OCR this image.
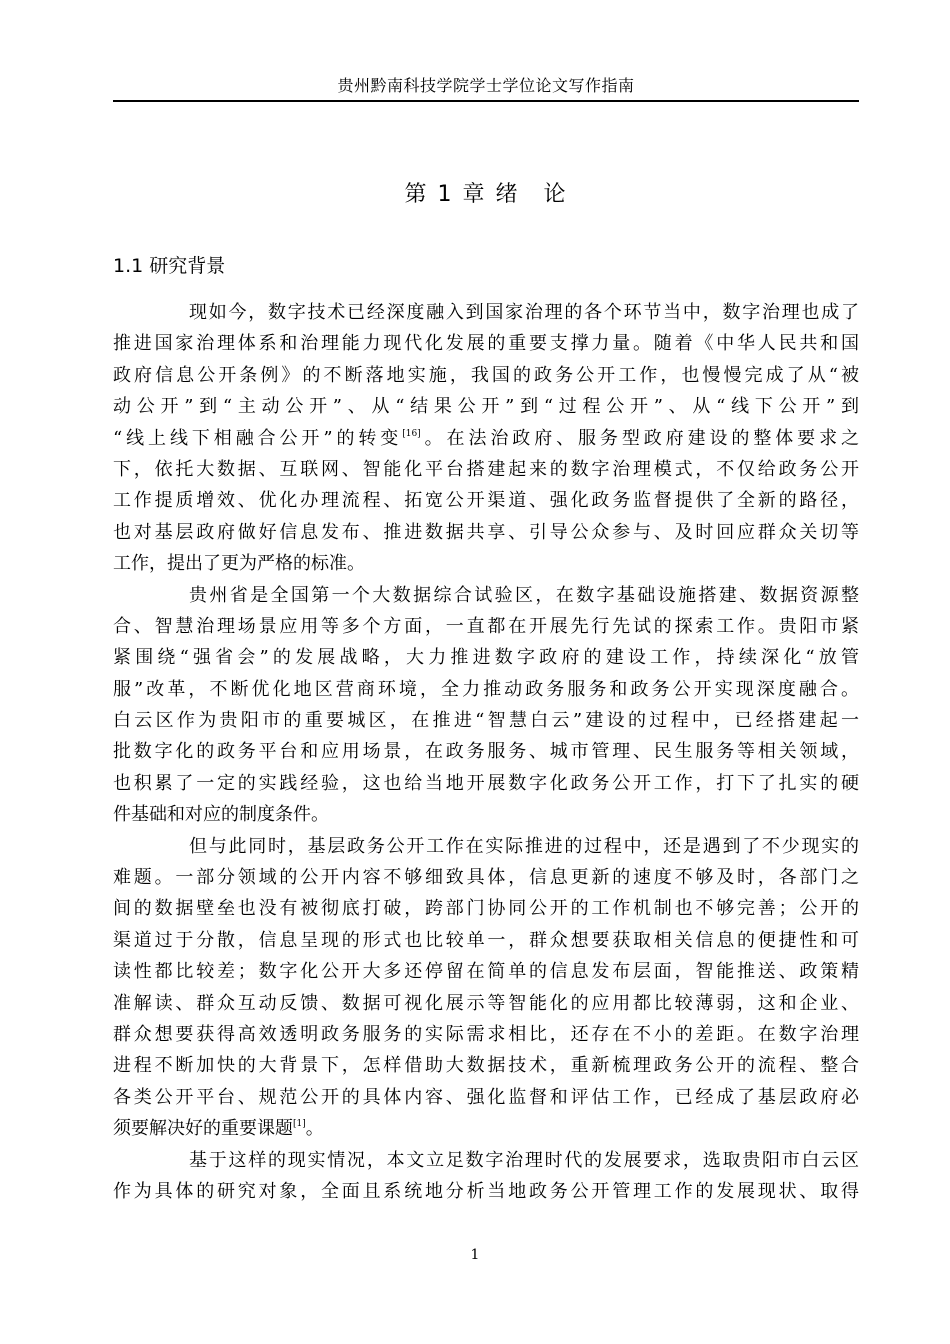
贵州黔南科技学院学士学位论文写作指南
第 1 章 绪　论
1.1 研究背景
现如今，数字技术已经深度融入到国家治理的各个环节当中，数字治理也成了
推进国家治理体系和治理能力现代化发展的重要支撑力量。随着《中华人民共和国
政府信息公开条例》的不断落地实施，我国的政务公开工作，也慢慢完成了从“被
动公开”到“主动公开”、从“结果公开”到“过程公开”、从“线下公开”到
“线上线下相融合公开”的转变[16]。在法治政府、服务型政府建设的整体要求之
下，依托大数据、互联网、智能化平台搭建起来的数字治理模式，不仅给政务公开
工作提质增效、优化办理流程、拓宽公开渠道、强化政务监督提供了全新的路径，
也对基层政府做好信息发布、推进数据共享、引导公众参与、及时回应群众关切等
工作，提出了更为严格的标准。
贵州省是全国第一个大数据综合试验区，在数字基础设施搭建、数据资源整
合、智慧治理场景应用等多个方面，一直都在开展先行先试的探索工作。贵阳市紧
紧围绕“强省会”的发展战略，大力推进数字政府的建设工作，持续深化“放管
服”改革，不断优化地区营商环境，全力推动政务服务和政务公开实现深度融合。
白云区作为贵阳市的重要城区，在推进“智慧白云”建设的过程中，已经搭建起一
批数字化的政务平台和应用场景，在政务服务、城市管理、民生服务等相关领域，
也积累了一定的实践经验，这也给当地开展数字化政务公开工作，打下了扎实的硬
件基础和对应的制度条件。
但与此同时，基层政务公开工作在实际推进的过程中，还是遇到了不少现实的
难题。一部分领域的公开内容不够细致具体，信息更新的速度不够及时，各部门之
间的数据壁垒也没有被彻底打破，跨部门协同公开的工作机制也不够完善；公开的
渠道过于分散，信息呈现的形式也比较单一，群众想要获取相关信息的便捷性和可
读性都比较差；数字化公开大多还停留在简单的信息发布层面，智能推送、政策精
准解读、群众互动反馈、数据可视化展示等智能化的应用都比较薄弱，这和企业、
群众想要获得高效透明政务服务的实际需求相比，还存在不小的差距。在数字治理
进程不断加快的大背景下，怎样借助大数据技术，重新梳理政务公开的流程、整合
各类公开平台、规范公开的具体内容、强化监督和评估工作，已经成了基层政府必
须要解决好的重要课题[1]。
基于这样的现实情况，本文立足数字治理时代的发展要求，选取贵阳市白云区
作为具体的研究对象，全面且系统地分析当地政务公开管理工作的发展现状、取得
1
